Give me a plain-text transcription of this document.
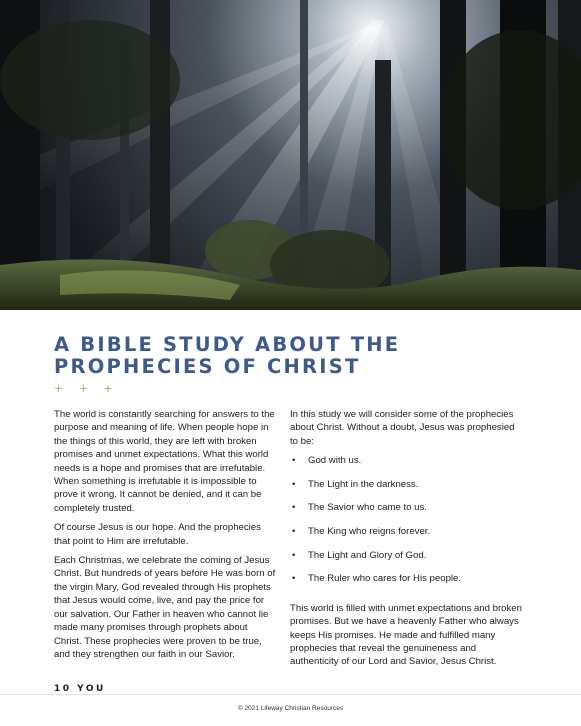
A BIBLE STUDY ABOUT THE PROPHECIES OF CHRIST
+ + +

The world is constantly searching for answers to the purpose and meaning of life. When people hope in the things of this world, they are left with broken promises and unmet expectations. What this world needs is a hope and promises that are irrefutable. When something is irrefutable it is impossible to prove it wrong. It cannot be denied, and it can be completely trusted.

Of course Jesus is our hope. And the prophecies that point to Him are irrefutable.

Each Christmas, we celebrate the coming of Jesus Christ. But hundreds of years before He was born of the virgin Mary, God revealed through His prophets that Jesus would come, live, and pay the price for our salvation. Our Father in heaven who cannot lie made many promises through prophets about Christ. These prophecies were proven to be true, and they strengthen our faith in our Savior.

In this study we will consider some of the prophecies about Christ. Without a doubt, Jesus was prophesied to be:

• God with us.
• The Light in the darkness.
• The Savior who came to us.
• The King who reigns forever.
• The Light and Glory of God.
• The Ruler who cares for His people.

This world is filled with unmet expectations and broken promises. But we have a heavenly Father who always keeps His promises. He made and fulfilled many prophecies that reveal the genuineness and authenticity of our Lord and Savior, Jesus Christ.

10 YOU
© 2021 Lifeway Christian Resources
